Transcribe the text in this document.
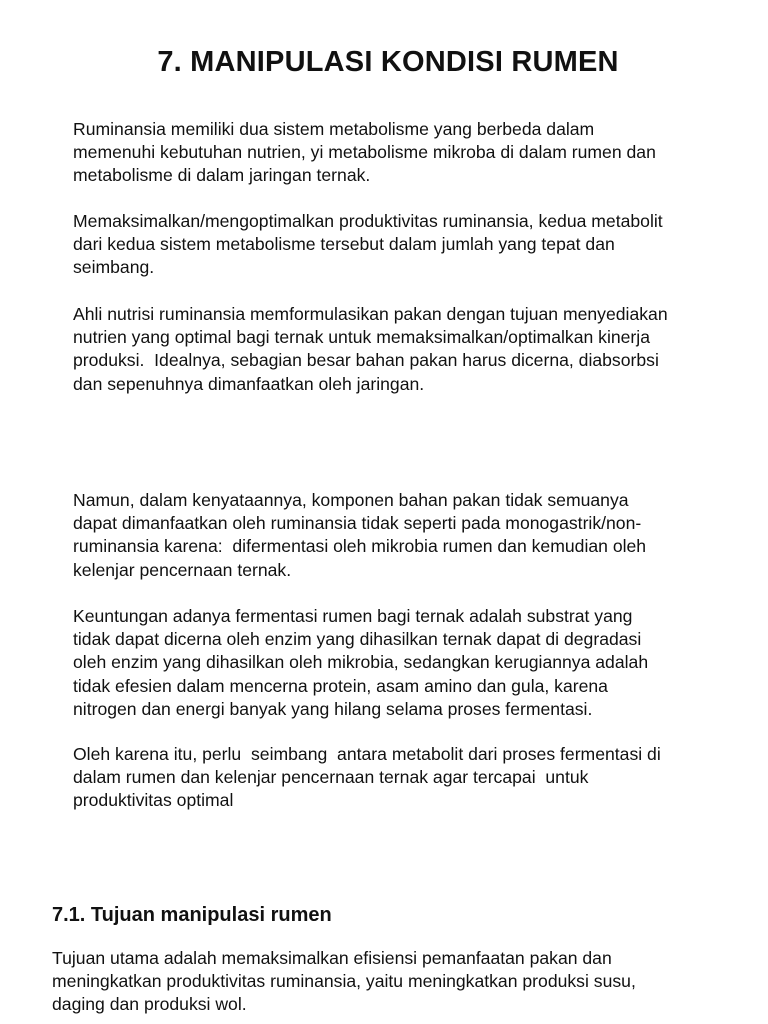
7. MANIPULASI KONDISI RUMEN

Ruminansia memiliki dua sistem metabolisme yang berbeda dalam
memenuhi kebutuhan nutrien, yi metabolisme mikroba di dalam rumen dan
metabolisme di dalam jaringan ternak.

Memaksimalkan/mengoptimalkan produktivitas ruminansia, kedua metabolit
dari kedua sistem metabolisme tersebut dalam jumlah yang tepat dan
seimbang.

Ahli nutrisi ruminansia memformulasikan pakan dengan tujuan menyediakan
nutrien yang optimal bagi ternak untuk memaksimalkan/optimalkan kinerja
produksi.  Idealnya, sebagian besar bahan pakan harus dicerna, diabsorbsi
dan sepenuhnya dimanfaatkan oleh jaringan.

Namun, dalam kenyataannya, komponen bahan pakan tidak semuanya
dapat dimanfaatkan oleh ruminansia tidak seperti pada monogastrik/non-
ruminansia karena:  difermentasi oleh mikrobia rumen dan kemudian oleh
kelenjar pencernaan ternak.

Keuntungan adanya fermentasi rumen bagi ternak adalah substrat yang
tidak dapat dicerna oleh enzim yang dihasilkan ternak dapat di degradasi
oleh enzim yang dihasilkan oleh mikrobia, sedangkan kerugiannya adalah
tidak efesien dalam mencerna protein, asam amino dan gula, karena
nitrogen dan energi banyak yang hilang selama proses fermentasi.

Oleh karena itu, perlu  seimbang  antara metabolit dari proses fermentasi di
dalam rumen dan kelenjar pencernaan ternak agar tercapai  untuk
produktivitas optimal

7.1. Tujuan manipulasi rumen

Tujuan utama adalah memaksimalkan efisiensi pemanfaatan pakan dan
meningkatkan produktivitas ruminansia, yaitu meningkatkan produksi susu,
daging dan produksi wol.
